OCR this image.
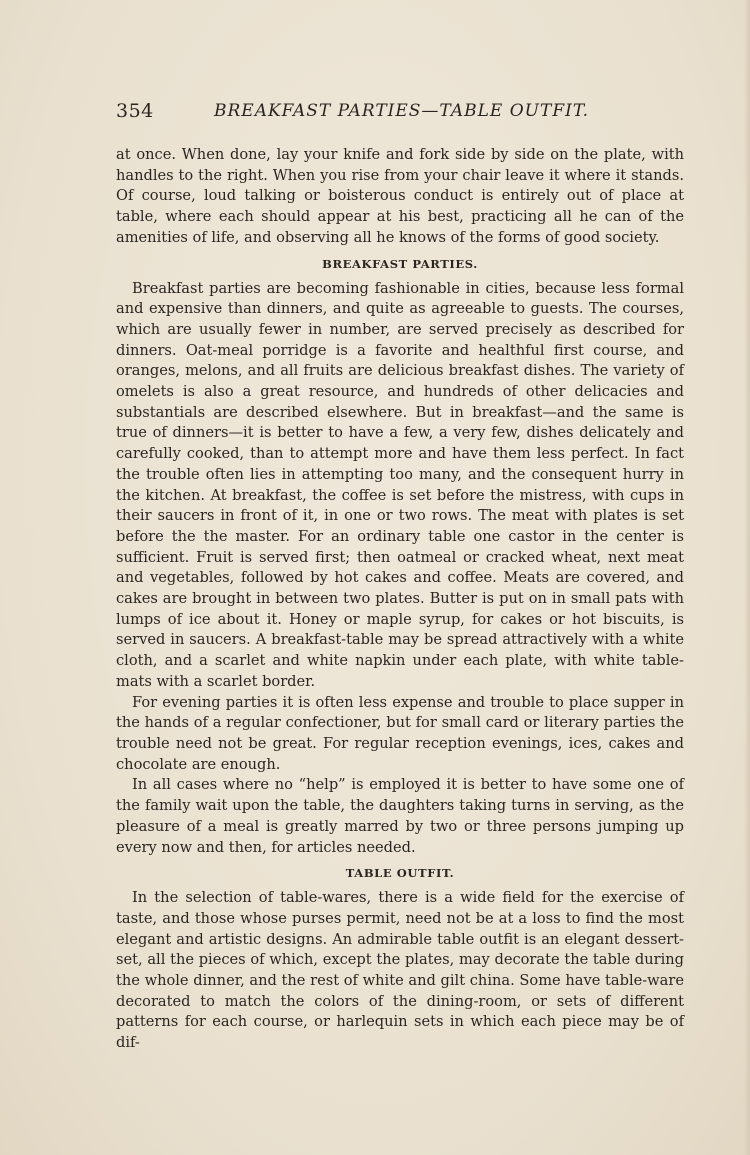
354	BREAKFAST PARTIES—TABLE OUTFIT.

at once. When done, lay your knife and fork side by side on the plate, with handles to the right. When you rise from your chair leave it where it stands. Of course, loud talking or boisterous conduct is entirely out of place at table, where each should appear at his best, practicing all he can of the amenities of life, and observing all he knows of the forms of good society.

BREAKFAST PARTIES.

Breakfast parties are becoming fashionable in cities, because less formal and expensive than dinners, and quite as agreeable to guests. The courses, which are usually fewer in number, are served precisely as described for dinners. Oat-meal porridge is a favorite and healthful first course, and oranges, melons, and all fruits are delicious breakfast dishes. The variety of omelets is also a great resource, and hundreds of other delicacies and substantials are described elsewhere. But in breakfast—and the same is true of dinners—it is better to have a few, a very few, dishes delicately and carefully cooked, than to attempt more and have them less perfect. In fact the trouble often lies in attempting too many, and the consequent hurry in the kitchen. At breakfast, the coffee is set before the mistress, with cups in their saucers in front of it, in one or two rows. The meat with plates is set before the the master. For an ordinary table one castor in the center is sufficient. Fruit is served first; then oatmeal or cracked wheat, next meat and vegetables, followed by hot cakes and coffee. Meats are covered, and cakes are brought in between two plates. Butter is put on in small pats with lumps of ice about it. Honey or maple syrup, for cakes or hot biscuits, is served in saucers. A breakfast-table may be spread attractively with a white cloth, and a scarlet and white napkin under each plate, with white table-mats with a scarlet border.

For evening parties it is often less expense and trouble to place supper in the hands of a regular confectioner, but for small card or literary parties the trouble need not be great. For regular reception evenings, ices, cakes and chocolate are enough.

In all cases where no “help” is employed it is better to have some one of the family wait upon the table, the daughters taking turns in serving, as the pleasure of a meal is greatly marred by two or three persons jumping up every now and then, for articles needed.

TABLE OUTFIT.

In the selection of table-wares, there is a wide field for the exercise of taste, and those whose purses permit, need not be at a loss to find the most elegant and artistic designs. An admirable table outfit is an elegant dessert-set, all the pieces of which, except the plates, may decorate the table during the whole dinner, and the rest of white and gilt china. Some have table-ware decorated to match the colors of the dining-room, or sets of different patterns for each course, or harlequin sets in which each piece may be of dif-
